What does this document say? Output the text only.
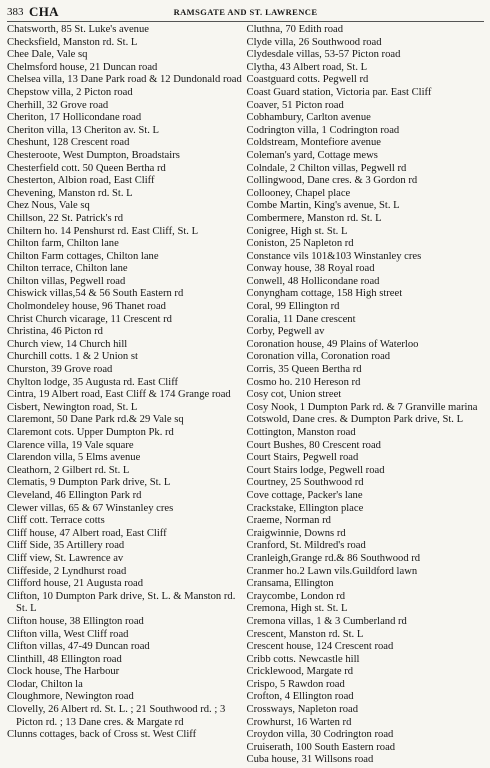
383 CHA	RAMSGATE AND ST. LAWRENCE
Chatsworth, 85 St. Luke's avenue
Checksfield, Manston rd. St. L
Chee Dale, Vale sq
Chelmsford house, 21 Duncan road
Chelsea villa, 13 Dane Park road & 12 Dundonald road
Chepstow villa, 2 Picton road
Cherhill, 32 Grove road
Cheriton, 17 Hollicondane road
Cheriton villa, 13 Cheriton av. St. L
Cheshunt, 128 Crescent road
Chesteroote, West Dumpton, Broadstairs
Chesterfield cott. 50 Queen Bertha rd
Chesterton, Albion road, East Cliff
Chevening, Manston rd. St. L
Chez Nous, Vale sq
Chillson, 22 St. Patrick's rd
Chiltern ho. 14 Penshurst rd. East Cliff, St. L
Chilton farm, Chilton lane
Chilton Farm cottages, Chilton lane
Chilton terrace, Chilton lane
Chilton villas, Pegwell road
Chiswick villas,54 & 56 South Eastern rd
Cholmondeley house, 96 Thanet road
Christ Church vicarage, 11 Crescent rd
Christina, 46 Picton rd
Church view, 14 Church hill
Churchill cotts. 1 & 2 Union st
Churston, 39 Grove road
Chylton lodge, 35 Augusta rd. East Cliff
Cintra, 19 Albert road, East Cliff & 174 Grange road
Cisbert, Newington road, St. L
Claremont, 50 Dane Park rd.& 29 Vale sq
Claremont cots. Upper Dumpton Pk. rd
Clarence villa, 19 Vale square
Clarendon villa, 5 Elms avenue
Cleathorn, 2 Gilbert rd. St. L
Clematis, 9 Dumpton Park drive, St. L
Cleveland, 46 Ellington Park rd
Clewer villas, 65 & 67 Winstanley cres
Cliff cott. Terrace cotts
Cliff house, 47 Albert road, East Cliff
Cliff Side, 35 Artillery road
Cliff view, St. Lawrence av
Cliffeside, 2 Lyndhurst road
Clifford house, 21 Augusta road
Clifton, 10 Dumpton Park drive, St. L. & Manston rd. St. L
Clifton house, 38 Ellington road
Clifton villa, West Cliff road
Clifton villas, 47-49 Duncan road
Clinthill, 48 Ellington road
Clock house, The Harbour
Clodar, Chilton la
Cloughmore, Newington road
Clovelly, 26 Albert rd. St. L. ; 21 Southwood rd. ; 3 Picton rd. ; 13 Dane cres. & Margate rd
Clunns cottages, back of Cross st. West Cliff
Cluthna, 70 Edith road
Clyde villa, 26 Southwood road
Clydesdale villas, 53-57 Picton road
Clytha, 43 Albert road, St. L
Coastguard cotts. Pegwell rd
Coast Guard station, Victoria par. East Cliff
Coaver, 51 Picton road
Cobhambury, Carlton avenue
Codrington villa, 1 Codrington road
Coldstream, Montefiore avenue
Coleman's yard, Cottage mews
Colndale, 2 Chilton villas, Pegwell rd
Collingwood, Dane cres. & 3 Gordon rd
Collooney, Chapel place
Combe Martin, King's avenue, St. L
Combermere, Manston rd. St. L
Conigree, High st. St. L
Coniston, 25 Napleton rd
Constance vils 101&103 Winstanley cres
Conway house, 38 Royal road
Conwell, 48 Hollicondane road
Conyngham cottage, 158 High street
Coral, 99 Ellington rd
Coralia, 11 Dane crescent
Corby, Pegwell av
Coronation house, 49 Plains of Waterloo
Coronation villa, Coronation road
Corris, 35 Queen Bertha rd
Cosmo ho. 210 Hereson rd
Cosy cot, Union street
Cosy Nook, 1 Dumpton Park rd. & 7 Granville marina
Cotswold, Dane cres. & Dumpton Park drive, St. L
Cottington, Manston road
Court Bushes, 80 Crescent road
Court Stairs, Pegwell road
Court Stairs lodge, Pegwell road
Courtney, 25 Southwood rd
Cove cottage, Packer's lane
Crackstake, Ellington place
Craeme, Norman rd
Craigwinnie, Downs rd
Cranford, St. Mildred's road
Cranleigh,Grange rd.& 86 Southwood rd
Cranmer ho.2 Lawn vils.Guildford lawn
Cransama, Ellington
Craycombe, London rd
Cremona, High st. St. L
Cremona villas, 1 & 3 Cumberland rd
Crescent, Manston rd. St. L
Crescent house, 124 Crescent road
Cribb cotts. Newcastle hill
Cricklewood, Margate rd
Crispo, 5 Rawdon road
Crofton, 4 Ellington road
Crossways, Napleton road
Crowhurst, 16 Warten rd
Croydon villa, 30 Codrington road
Cruiserath, 100 South Eastern road
Cuba house, 31 Willsons road
